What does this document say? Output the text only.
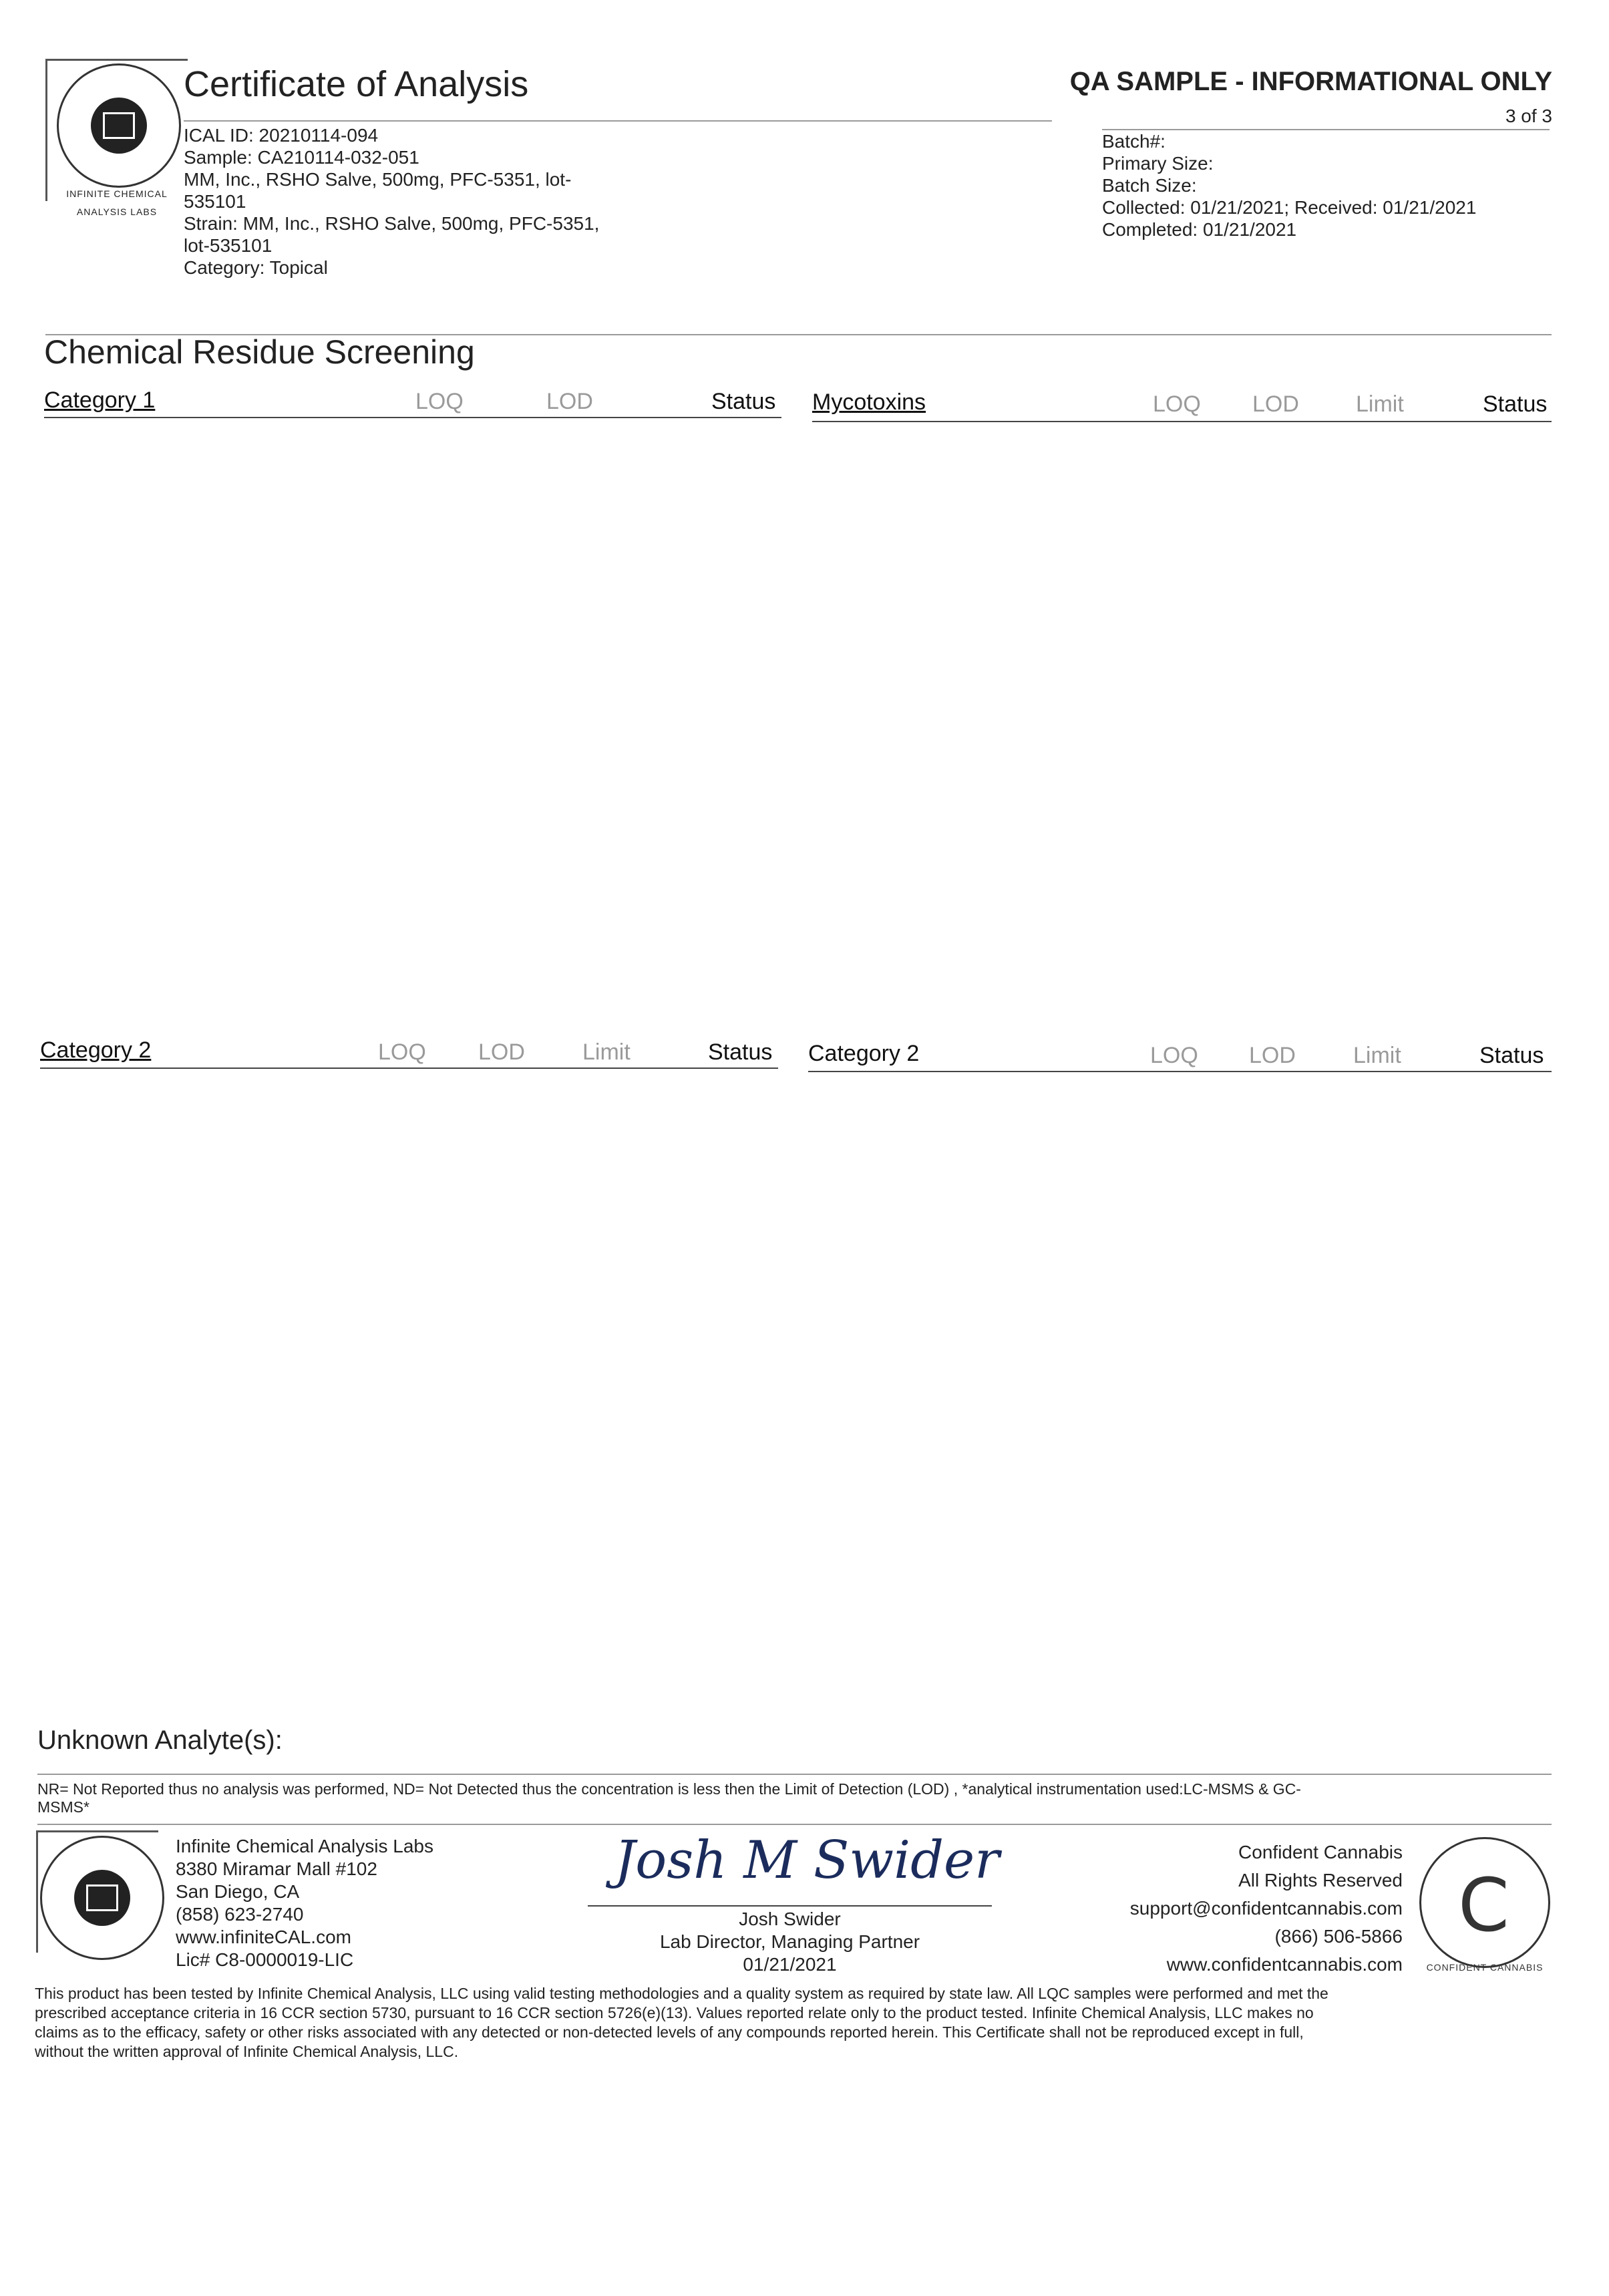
INFINITE CHEMICAL ANALYSIS LABS
Certificate of Analysis	QA SAMPLE - INFORMATIONAL ONLY
3 of 3
ICAL ID: 20210114-094
Sample: CA210114-032-051
MM, Inc., RSHO Salve, 500mg, PFC-5351, lot-
535101
Strain: MM, Inc., RSHO Salve, 500mg, PFC-5351,
lot-535101
Category: Topical
Batch#:
Primary Size:
Batch Size:
Collected: 01/21/2021; Received: 01/21/2021
Completed: 01/21/2021
Chemical Residue Screening
Category 1	LOQ	LOD	Status Mycotoxins	LOQ LOD	Limit	Status
Category 2	LOQ LOD	Limit	Status Category 2	LOQ LOD	Limit	Status
Unknown Analyte(s):
NR= Not Reported thus no analysis was performed, ND= Not Detected thus the concentration is less then the Limit of Detection (LOD) , *analytical instrumentation used:LC-MSMS & GC-
MSMS*
Infinite Chemical Analysis Labs
8380 Miramar Mall #102
San Diego, CA
(858) 623-2740
www.infiniteCAL.com
Lic# C8-0000019-LIC
Josh M Swider
Josh Swider
Lab Director, Managing Partner
01/21/2021
Confident Cannabis
All Rights Reserved
support@confidentcannabis.com
(866) 506-5866
www.confidentcannabis.com
C
CONFIDENT CANNABIS
This product has been tested by Infinite Chemical Analysis, LLC using valid testing methodologies and a quality system as required by state law. All LQC samples were performed and met the
prescribed acceptance criteria in 16 CCR section 5730, pursuant to 16 CCR section 5726(e)(13). Values reported relate only to the product tested. Infinite Chemical Analysis, LLC makes no
claims as to the efficacy, safety or other risks associated with any detected or non-detected levels of any compounds reported herein. This Certificate shall not be reproduced except in full,
without the written approval of Infinite Chemical Analysis, LLC.
